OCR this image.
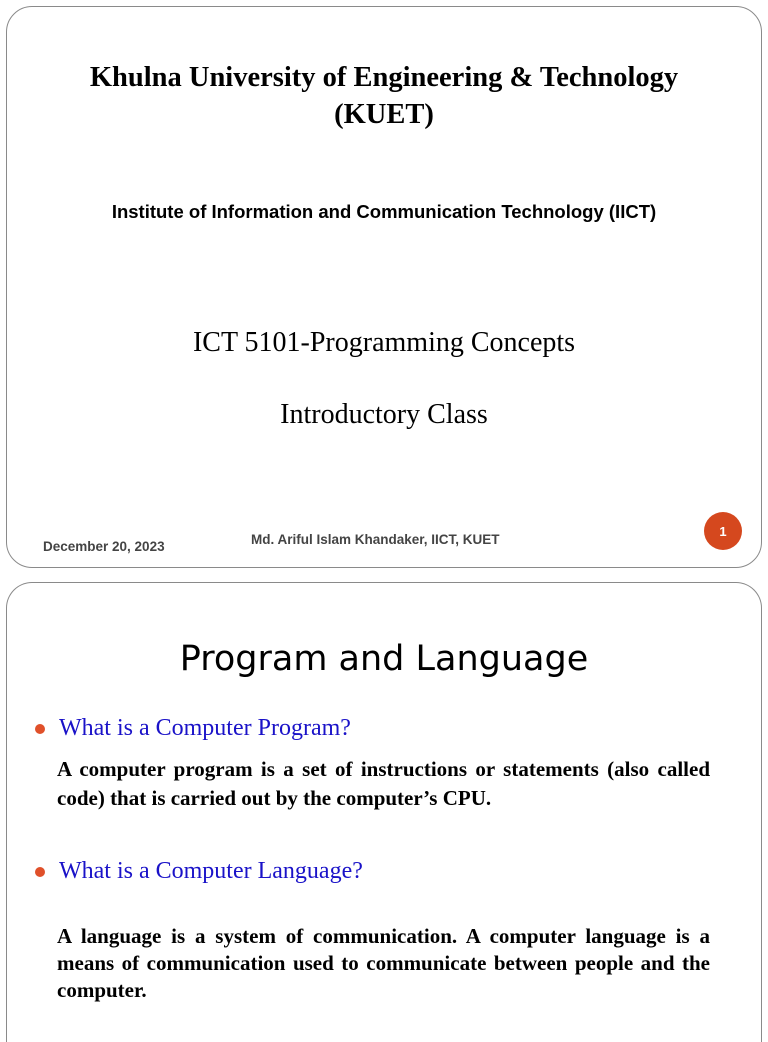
Khulna University of Engineering & Technology
(KUET)
Institute of Information and Communication Technology (IICT)
ICT 5101-Programming Concepts
Introductory Class
December 20, 2023	Md. Ariful Islam Khandaker, IICT, KUET
1
Program and Language
What is a Computer Program?
A computer program is a set of instructions or statements (also called code) that is carried out by the computer’s CPU.
What is a Computer Language?
A language is a system of communication. A computer language is a means of communication used to communicate between people and the computer.
